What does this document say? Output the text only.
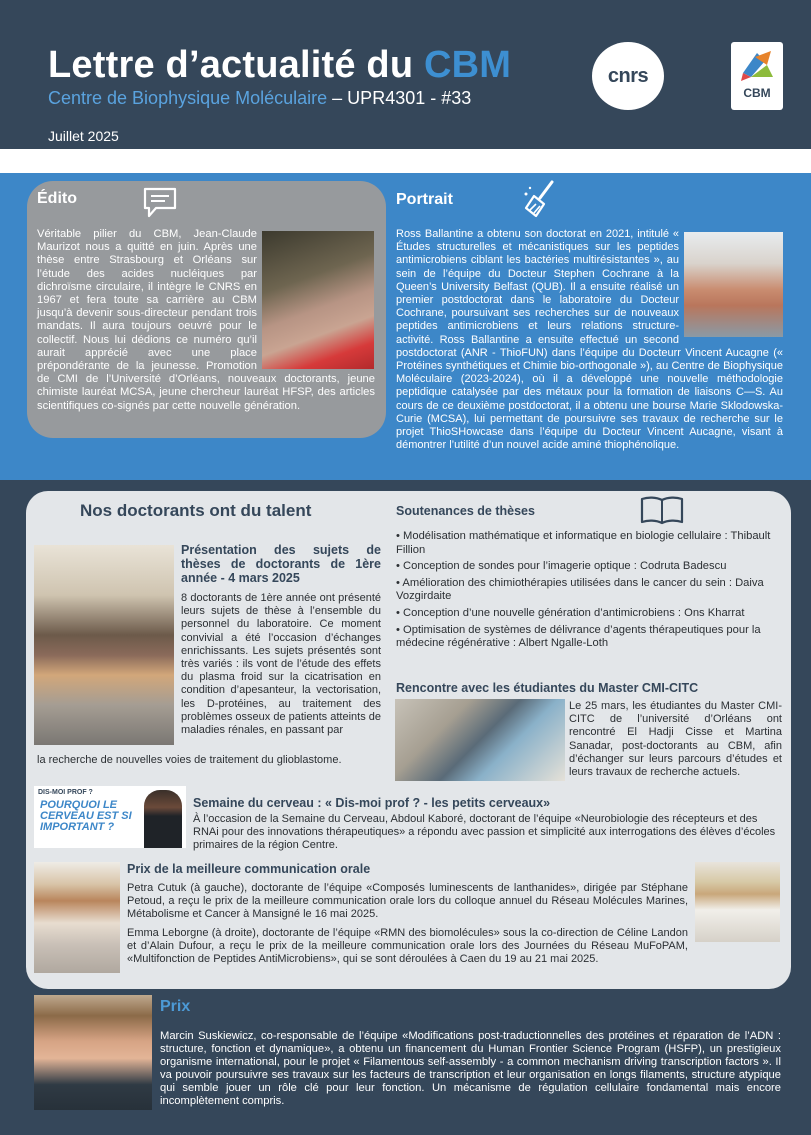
Lettre d’actualité du CBM
Centre de Biophysique Moléculaire – UPR4301 - #33
Juillet 2025
cnrs
CBM
Édito
Véritable pilier du CBM, Jean-Claude Maurizot nous a quitté en juin. Après une thèse entre Strasbourg et Orléans sur l’étude des acides nucléiques par dichroïsme circulaire, il intègre le CNRS en 1967 et fera toute sa carrière au CBM jusqu’à devenir sous-directeur pendant trois mandats. Il aura toujours oeuvré pour le collectif. Nous lui dédions ce numéro qu’il aurait apprécié avec une place prépondérante de la jeunesse. Promotion de CMI de l’Université d’Orléans, nouveaux doctorants, jeune chimiste lauréat MCSA, jeune chercheur lauréat HFSP, des articles scientifiques co-signés par cette nouvelle génération.
Portrait
Ross Ballantine a obtenu son doctorat en 2021, intitulé « Études structurelles et mécanistiques sur les peptides antimicrobiens ciblant les bactéries multirésistantes », au sein de l’équipe du Docteur Stephen Cochrane à la Queen’s University Belfast (QUB). Il a ensuite réalisé un premier postdoctorat dans le laboratoire du Docteur Cochrane, poursuivant ses recherches sur de nouveaux peptides antimicrobiens et leurs relations structure-activité. Ross Ballantine a ensuite effectué un second postdoctorat (ANR - ThioFUN) dans l’équipe du Docteurr Vincent Aucagne (« Protéines synthétiques et Chimie bio-orthogonale »), au Centre de Biophysique Moléculaire (2023-2024), où il a développé une nouvelle méthodologie peptidique catalysée par des métaux pour la formation de liaisons C—S. Au cours de ce deuxième postdoctorat, il a obtenu une bourse Marie Sklodowska-Curie (MCSA), lui permettant de poursuivre ses travaux de recherche sur le projet ThioSHowcase dans l’équipe du Docteur Vincent Aucagne, visant à démontrer l’utilité d’un nouvel acide aminé thiophénolique.
Nos doctorants ont du talent
Présentation des sujets de thèses de doctorants de 1ère année - 4 mars 2025
8 doctorants de 1ère année ont présenté leurs sujets de thèse à l’ensemble du personnel du laboratoire. Ce moment convivial a été l’occasion d’échanges enrichissants. Les sujets présentés sont très variés : ils vont de l’étude des effets du plasma froid sur la cicatrisation en condition d’apesanteur, la vectorisation, les D-protéines, au traitement des problèmes osseux de patients atteints de maladies rénales, en passant par
la recherche de nouvelles voies de traitement du glioblastome.
Soutenances de thèses
• Modélisation mathématique et informatique en biologie cellulaire : Thibault Fillion
• Conception de sondes pour l’imagerie optique : Codruta Badescu
• Amélioration des chimiothérapies utilisées dans le cancer du sein : Daiva Vozgirdaite
• Conception d’une nouvelle génération d’antimicrobiens : Ons Kharrat
• Optimisation de systèmes de délivrance d’agents thérapeutiques pour la médecine régénérative : Albert Ngalle-Loth
Rencontre avec les étudiantes du Master CMI-CITC
Le 25 mars, les étudiantes du Master CMI-CITC de l’université d’Orléans ont rencontré El Hadji Cisse et Martina Sanadar, post-doctorants au CBM, afin d’échanger sur leurs parcours d’études et leurs travaux de recherche actuels.
DIS-MOI PROF ?
POURQUOI LE CERVEAU EST SI IMPORTANT ?
Semaine du cerveau : « Dis-moi prof ? - les petits cerveaux»
À l’occasion de la Semaine du Cerveau, Abdoul Kaboré, doctorant de l’équipe «Neurobiologie des récepteurs et des RNAi pour des innovations thérapeutiques» a répondu avec passion et simplicité aux interrogations des élèves d’écoles primaires de la région Centre.
Prix de la meilleure communication orale

Petra Cutuk (à gauche), doctorante de l’équipe «Composés luminescents de lanthanides», dirigée par Stéphane Petoud, a reçu le prix de la meilleure communication orale lors du colloque annuel du Réseau Molécules Marines, Métabolisme et Cancer à Mansigné le 16 mai 2025.

Emma Leborgne (à droite), doctorante de l’équipe «RMN des biomolécules» sous la co-direction de Céline Landon et d’Alain Dufour, a reçu le prix de la meilleure communication orale lors des Journées du Réseau MuFoPAM, «Multifonction de Peptides AntiMicrobiens», qui se sont déroulées à Caen du 19 au 21 mai 2025.

Prix
Marcin Suskiewicz, co-responsable de l’équipe «Modifications post-traductionnelles des protéines et réparation de l’ADN : structure, fonction et dynamique», a obtenu un financement du Human Frontier Science Program (HSFP), un prestigieux organisme international, pour le projet « Filamentous self-assembly - a common mechanism driving transcription factors ». Il va pouvoir poursuivre ses travaux sur les facteurs de transcription et leur organisation en longs filaments, structure atypique qui semble jouer un rôle clé pour leur fonction. Un mécanisme de régulation cellulaire fondamental mais encore incomplètement compris.
